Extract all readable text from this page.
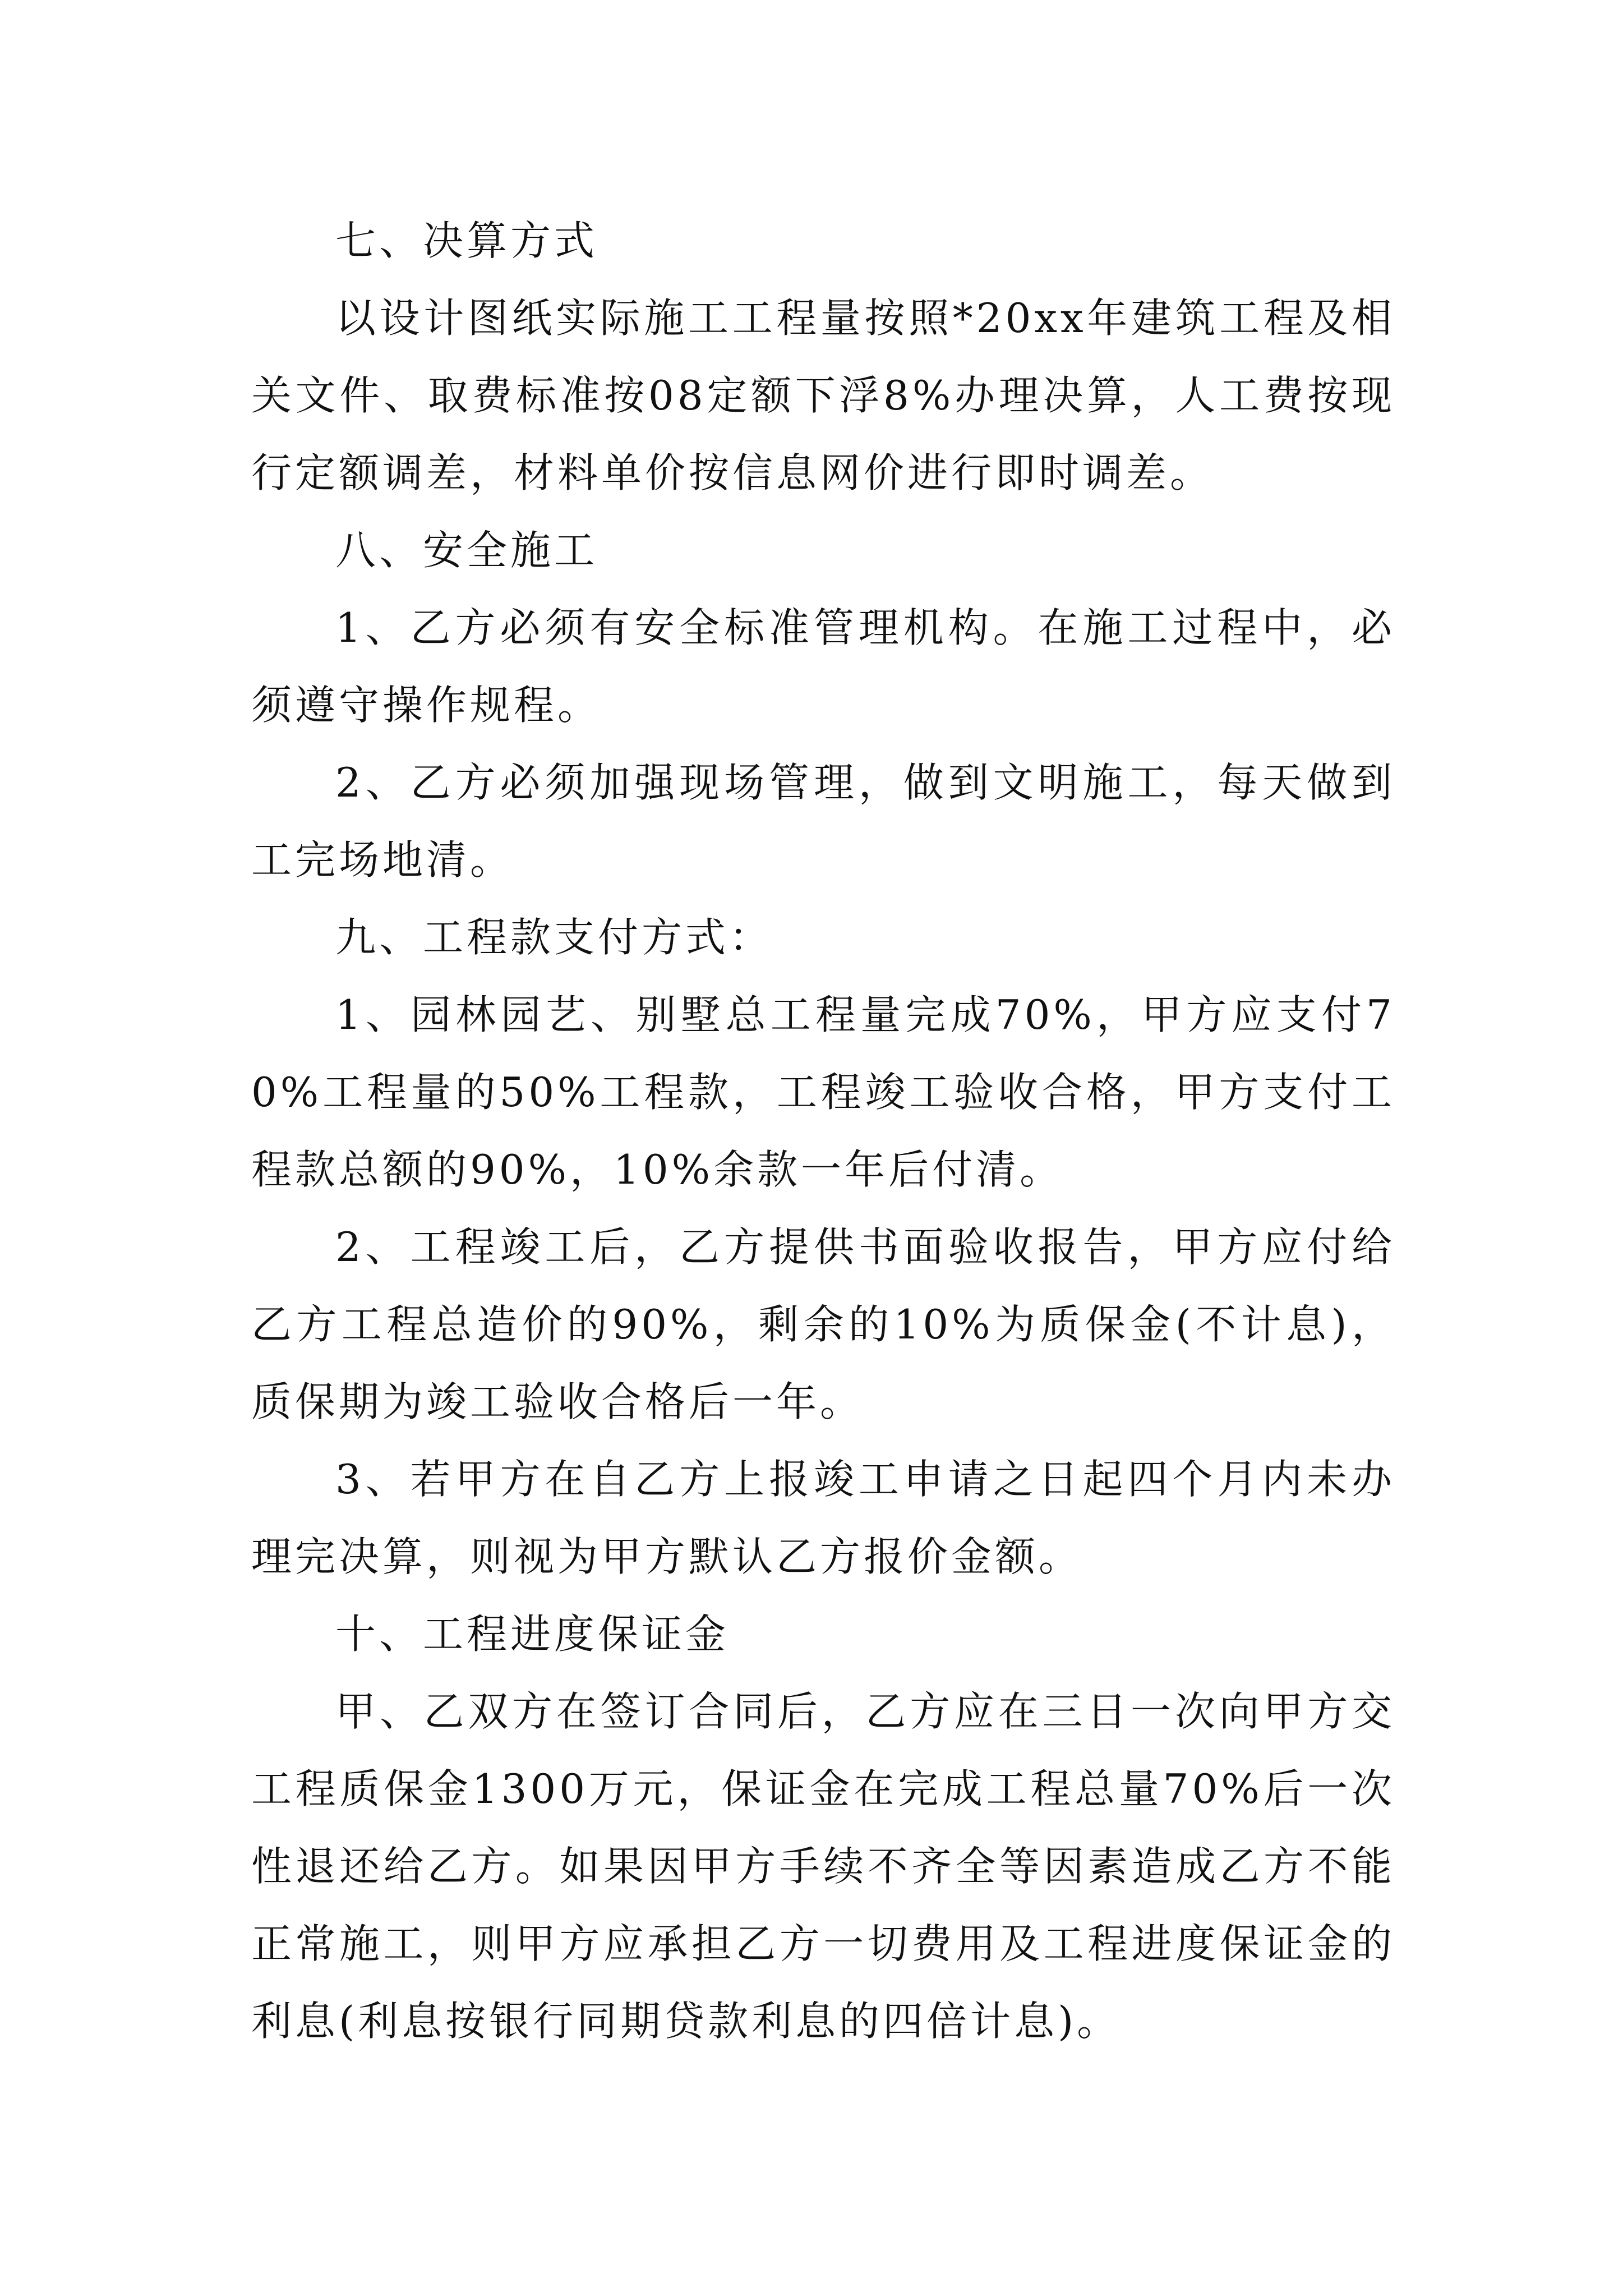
七、决算方式

以设计图纸实际施工工程量按照*20xx年建筑工程及相关文件、取费标准按08定额下浮8%办理决算，人工费按现行定额调差，材料单价按信息网价进行即时调差。

八、安全施工

1、乙方必须有安全标准管理机构。在施工过程中，必须遵守操作规程。

2、乙方必须加强现场管理，做到文明施工，每天做到工完场地清。

九、工程款支付方式：

1、园林园艺、别墅总工程量完成70%，甲方应支付70%工程量的50%工程款，工程竣工验收合格，甲方支付工程款总额的90%，10%余款一年后付清。

2、工程竣工后，乙方提供书面验收报告，甲方应付给乙方工程总造价的90%，剩余的10%为质保金(不计息)，质保期为竣工验收合格后一年。

3、若甲方在自乙方上报竣工申请之日起四个月内未办理完决算，则视为甲方默认乙方报价金额。

十、工程进度保证金

甲、乙双方在签订合同后，乙方应在三日一次向甲方交工程质保金1300万元，保证金在完成工程总量70%后一次性退还给乙方。如果因甲方手续不齐全等因素造成乙方不能正常施工，则甲方应承担乙方一切费用及工程进度保证金的利息(利息按银行同期贷款利息的四倍计息)。
